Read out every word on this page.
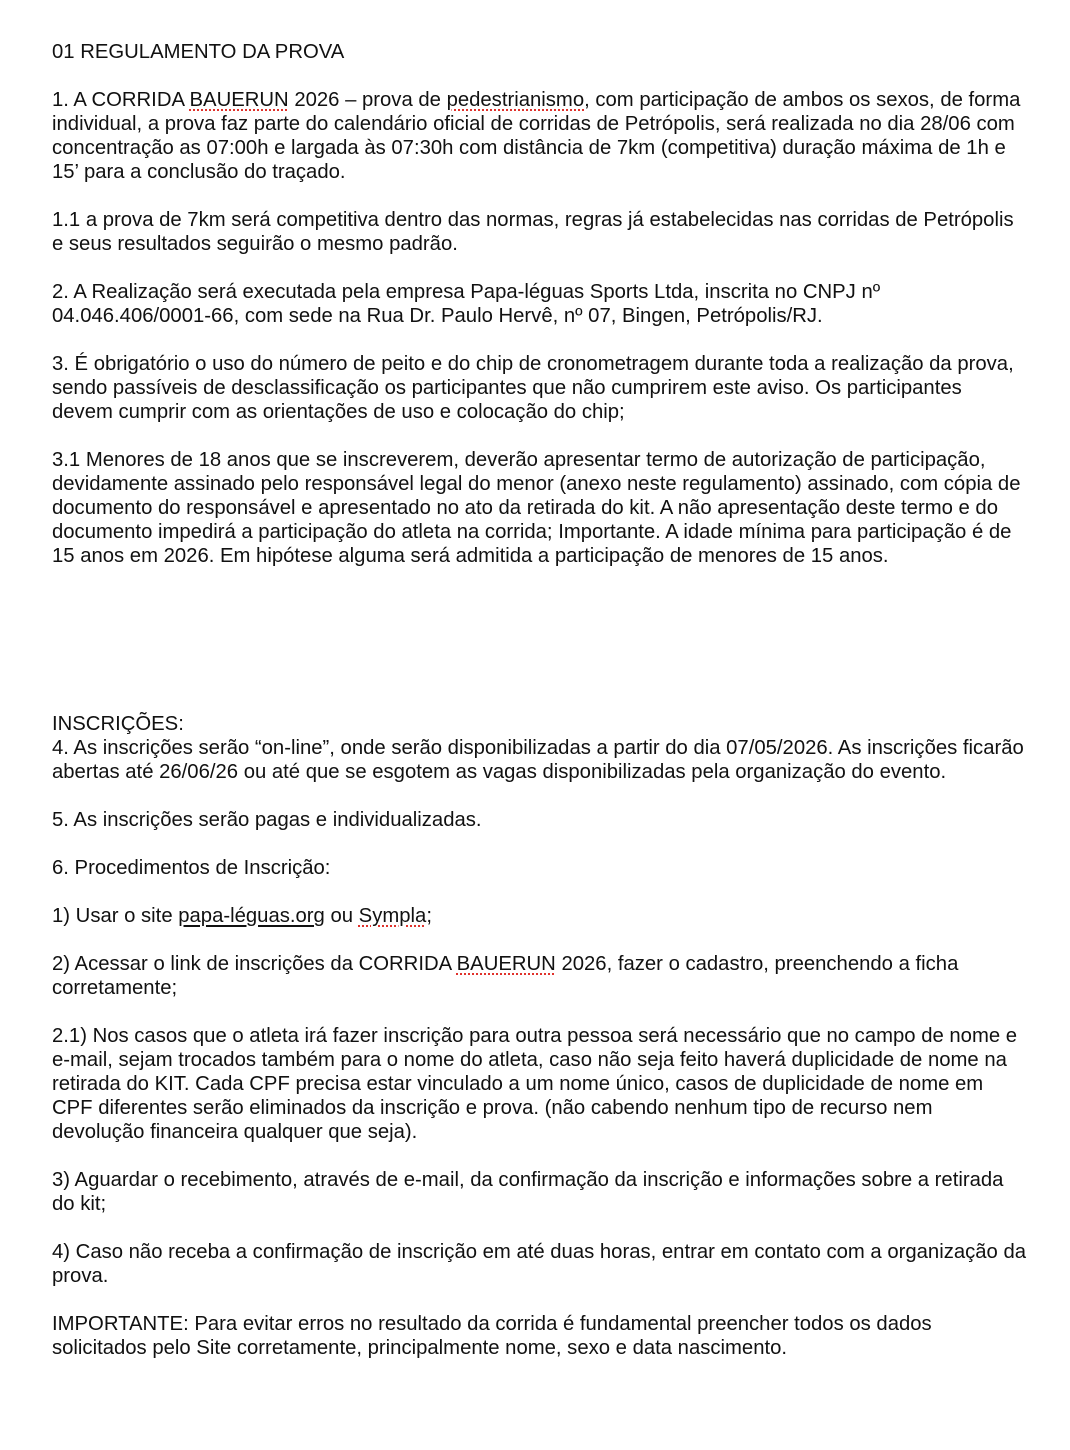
01 REGULAMENTO DA PROVA

1. A CORRIDA BAUERUN 2026 – prova de pedestrianismo, com participação de ambos os sexos, de forma individual, a prova faz parte do calendário oficial de corridas de Petrópolis, será realizada no dia 28/06 com concentração as 07:00h e largada às 07:30h com distância de 7km (competitiva) duração máxima de 1h e 15’ para a conclusão do traçado.

1.1 a prova de 7km será competitiva dentro das normas, regras já estabelecidas nas corridas de Petrópolis e seus resultados seguirão o mesmo padrão.

2. A Realização será executada pela empresa Papa-léguas Sports Ltda, inscrita no CNPJ nº 04.046.406/0001-66, com sede na Rua Dr. Paulo Hervê, nº 07, Bingen, Petrópolis/RJ.

3. É obrigatório o uso do número de peito e do chip de cronometragem durante toda a realização da prova, sendo passíveis de desclassificação os participantes que não cumprirem este aviso. Os participantes devem cumprir com as orientações de uso e colocação do chip;

3.1 Menores de 18 anos que se inscreverem, deverão apresentar termo de autorização de participação, devidamente assinado pelo responsável legal do menor (anexo neste regulamento) assinado, com cópia de documento do responsável e apresentado no ato da retirada do kit. A não apresentação deste termo e do documento impedirá a participação do atleta na corrida; Importante. A idade mínima para participação é de 15 anos em 2026. Em hipótese alguma será admitida a participação de menores de 15 anos.

INSCRIÇÕES:

4. As inscrições serão “on-line”, onde serão disponibilizadas a partir do dia 07/05/2026. As inscrições ficarão abertas até 26/06/26 ou até que se esgotem as vagas disponibilizadas pela organização do evento.

5. As inscrições serão pagas e individualizadas.

6. Procedimentos de Inscrição:

1) Usar o site papa-léguas.org ou Sympla;

2) Acessar o link de inscrições da CORRIDA BAUERUN 2026, fazer o cadastro, preenchendo a ficha corretamente;

2.1) Nos casos que o atleta irá fazer inscrição para outra pessoa será necessário que no campo de nome e e-mail, sejam trocados também para o nome do atleta, caso não seja feito haverá duplicidade de nome na retirada do KIT. Cada CPF precisa estar vinculado a um nome único, casos de duplicidade de nome em CPF diferentes serão eliminados da inscrição e prova. (não cabendo nenhum tipo de recurso nem devolução financeira qualquer que seja).

3) Aguardar o recebimento, através de e-mail, da confirmação da inscrição e informações sobre a retirada do kit;

4) Caso não receba a confirmação de inscrição em até duas horas, entrar em contato com a organização da prova.

IMPORTANTE: Para evitar erros no resultado da corrida é fundamental preencher todos os dados solicitados pelo Site corretamente, principalmente nome, sexo e data nascimento.
